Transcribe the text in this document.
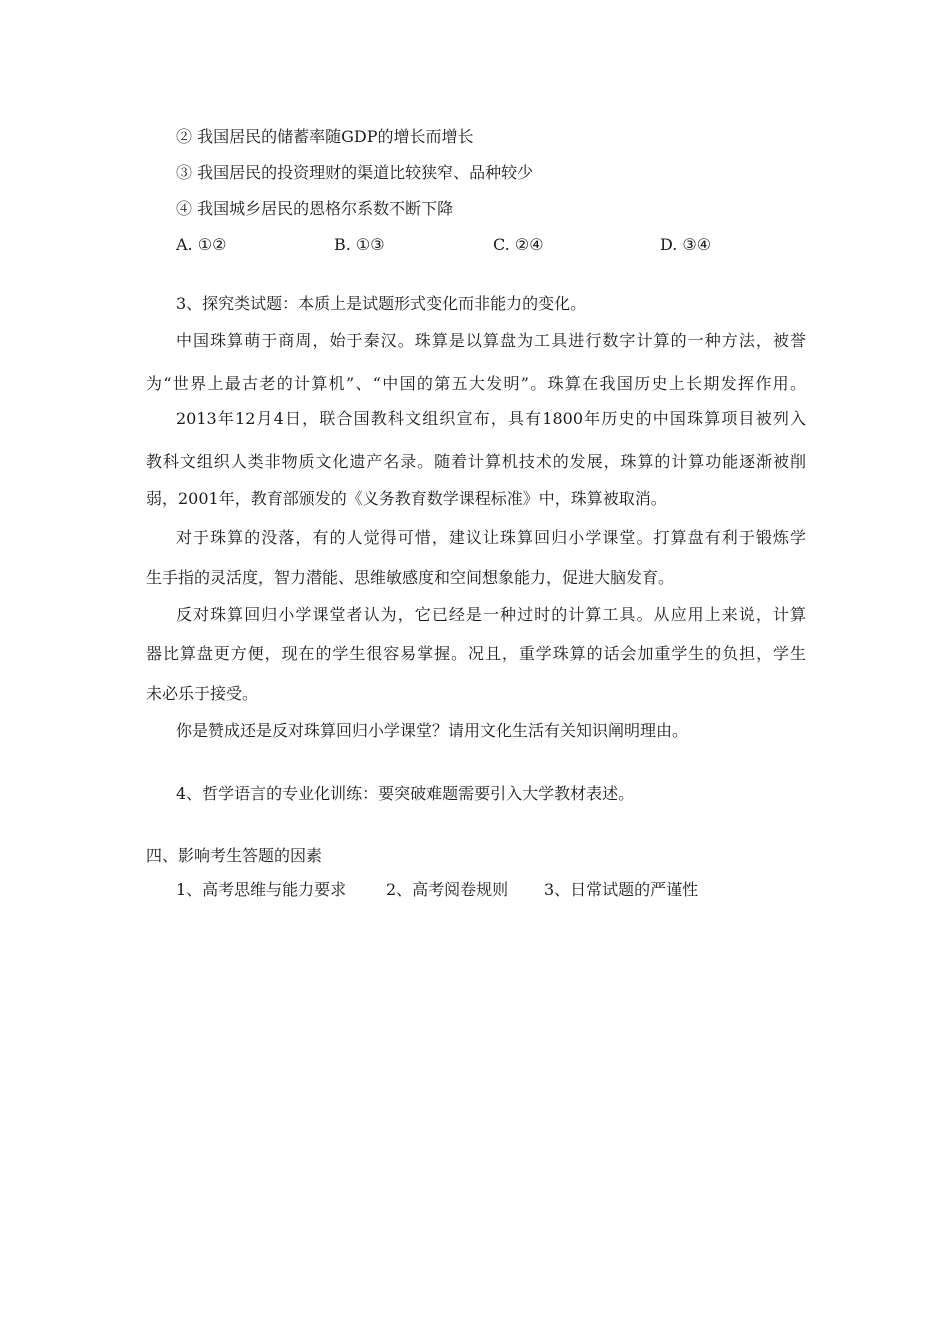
② 我国居民的储蓄率随GDP的增长而增长
③ 我国居民的投资理财的渠道比较狭窄、品种较少
④ 我国城乡居民的恩格尔系数不断下降
A. ①②	B. ①③	C. ②④	D. ③④
3、探究类试题：本质上是试题形式变化而非能力的变化。
中国珠算萌于商周，始于秦汉。珠算是以算盘为工具进行数字计算的一种方法，被誉
为“世界上最古老的计算机”、“中国的第五大发明”。珠算在我国历史上长期发挥作用。
2013年12月4日，联合国教科文组织宣布，具有1800年历史的中国珠算项目被列入
教科文组织人类非物质文化遗产名录。随着计算机技术的发展，珠算的计算功能逐渐被削
弱，2001年，教育部颁发的《义务教育数学课程标准》中，珠算被取消。
对于珠算的没落，有的人觉得可惜，建议让珠算回归小学课堂。打算盘有利于锻炼学
生手指的灵活度，智力潜能、思维敏感度和空间想象能力，促进大脑发育。
反对珠算回归小学课堂者认为，它已经是一种过时的计算工具。从应用上来说，计算
器比算盘更方便，现在的学生很容易掌握。况且，重学珠算的话会加重学生的负担，学生
未必乐于接受。
你是赞成还是反对珠算回归小学课堂？请用文化生活有关知识阐明理由。
4、哲学语言的专业化训练：要突破难题需要引入大学教材表述。
四、影响考生答题的因素
1、高考思维与能力要求 2、高考阅卷规则 3、日常试题的严谨性
